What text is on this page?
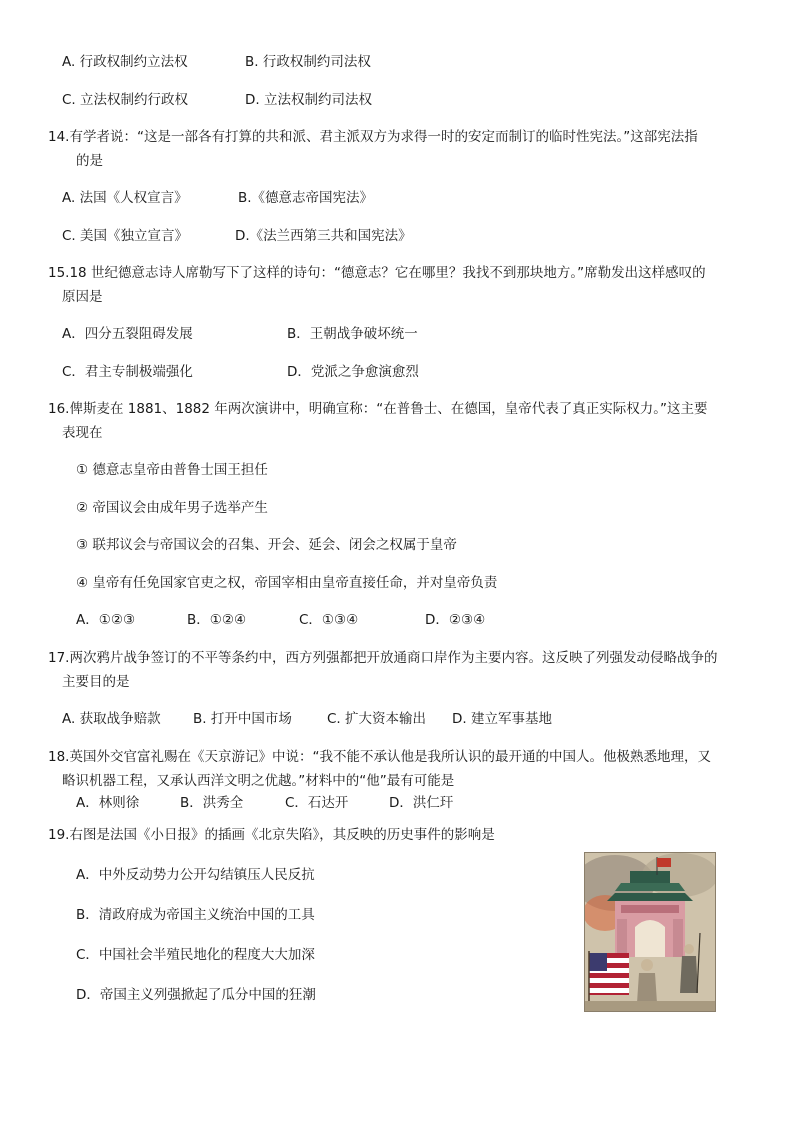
A. 行政权制约立法权	B. 行政权制约司法权
C. 立法权制约行政权	D. 立法权制约司法权
14.有学者说：“这是一部各有打算的共和派、君主派双方为求得一时的安定而制订的临时性宪法。”这部宪法指
的是
A. 法国《人权宣言》	B.《德意志帝国宪法》
C. 美国《独立宣言》	D.《法兰西第三共和国宪法》
15.18 世纪德意志诗人席勒写下了这样的诗句：“德意志？它在哪里？我找不到那块地方。”席勒发出这样感叹的
原因是
A．四分五裂阻碍发展	B．王朝战争破坏统一
C．君主专制极端强化	D．党派之争愈演愈烈
16.俾斯麦在 1881、1882 年两次演讲中，明确宣称：“在普鲁士、在德国，皇帝代表了真正实际权力。”这主要
表现在
① 德意志皇帝由普鲁士国王担任
② 帝国议会由成年男子选举产生
③ 联邦议会与帝国议会的召集、开会、延会、闭会之权属于皇帝
④ 皇帝有任免国家官吏之权，帝国宰相由皇帝直接任命，并对皇帝负责
A．①②③	B．①②④	C．①③④	D．②③④
17.两次鸦片战争签订的不平等条约中，西方列强都把开放通商口岸作为主要内容。这反映了列强发动侵略战争的
主要目的是
A. 获取战争赔款 B. 打开中国市场	C. 扩大资本输出 D. 建立军事基地
18.英国外交官富礼赐在《天京游记》中说：“我不能不承认他是我所认识的最开通的中国人。他极熟悉地理，又
略识机器工程，又承认西洋文明之优越。”材料中的“他”最有可能是
A．林则徐	B．洪秀全	C．石达开	D．洪仁玕
19.右图是法国《小日报》的插画《北京失陷》，其反映的历史事件的影响是
A．中外反动势力公开勾结镇压人民反抗
B．清政府成为帝国主义统治中国的工具
C．中国社会半殖民地化的程度大大加深
D．帝国主义列强掀起了瓜分中国的狂潮
